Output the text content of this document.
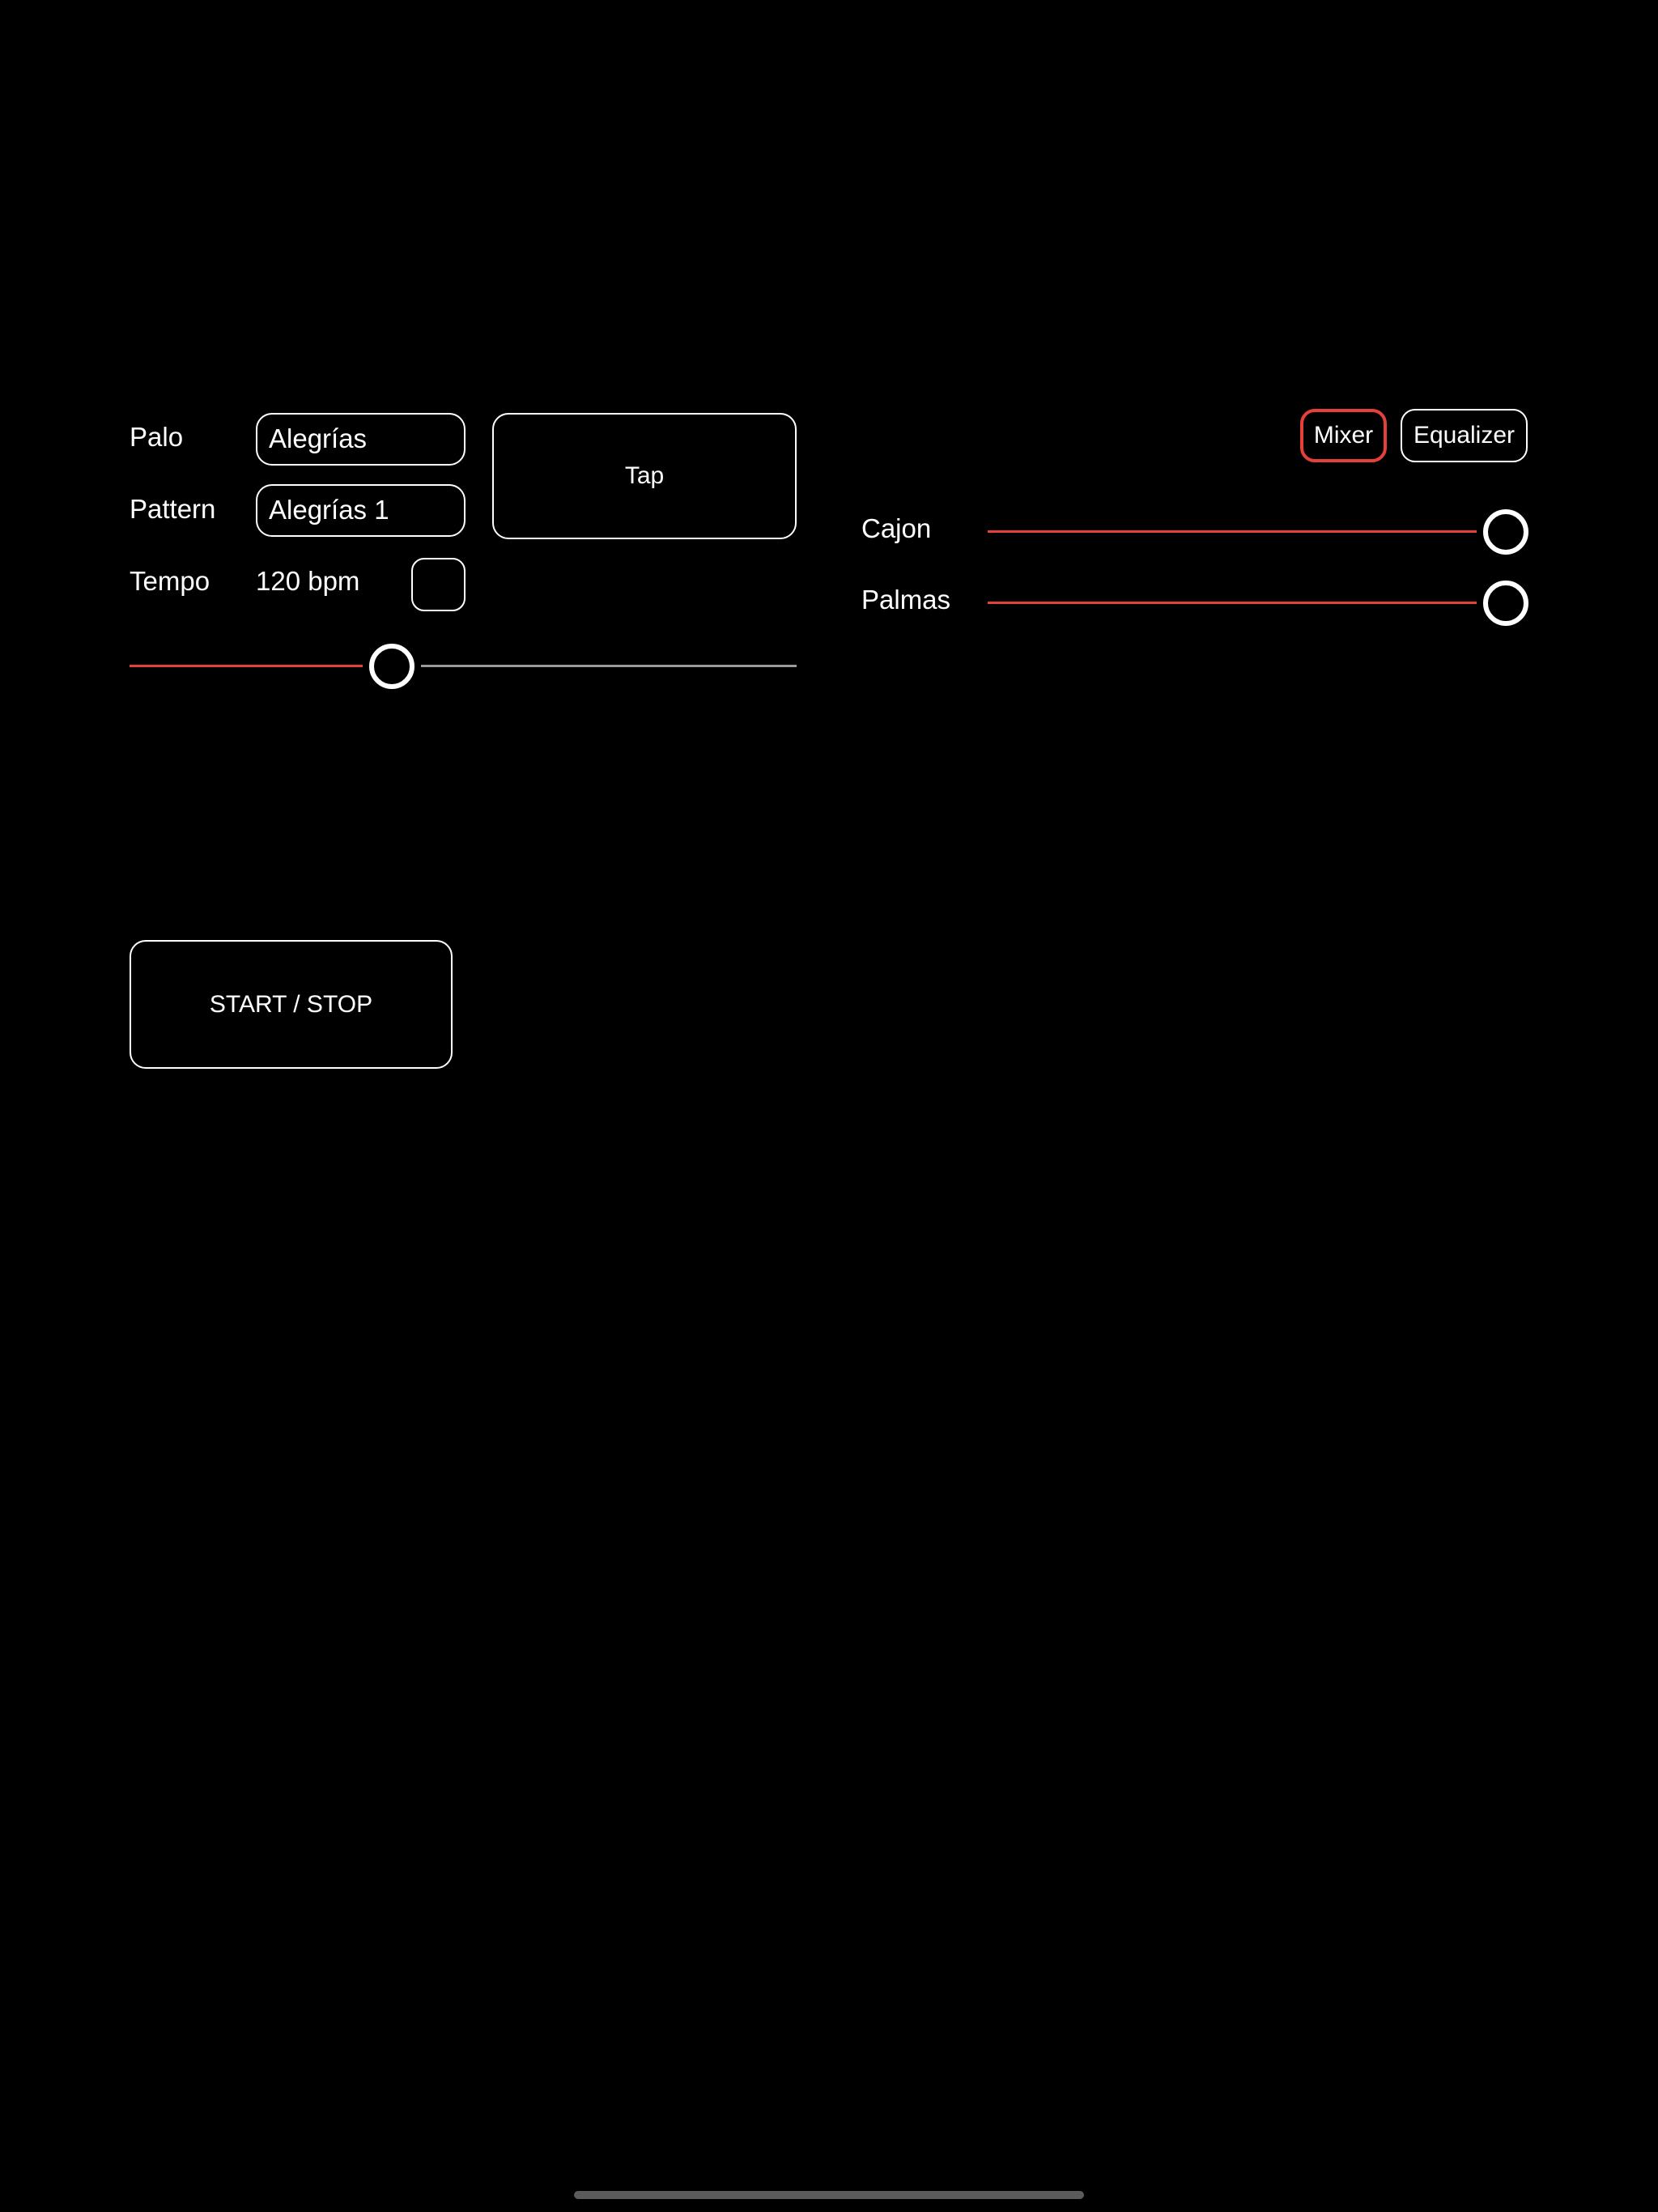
Palo	Alegrías
Pattern	Alegrías 1
Tempo 120 bpm
Tap
START / STOP
Mixer	Equalizer
Cajon
Palmas
